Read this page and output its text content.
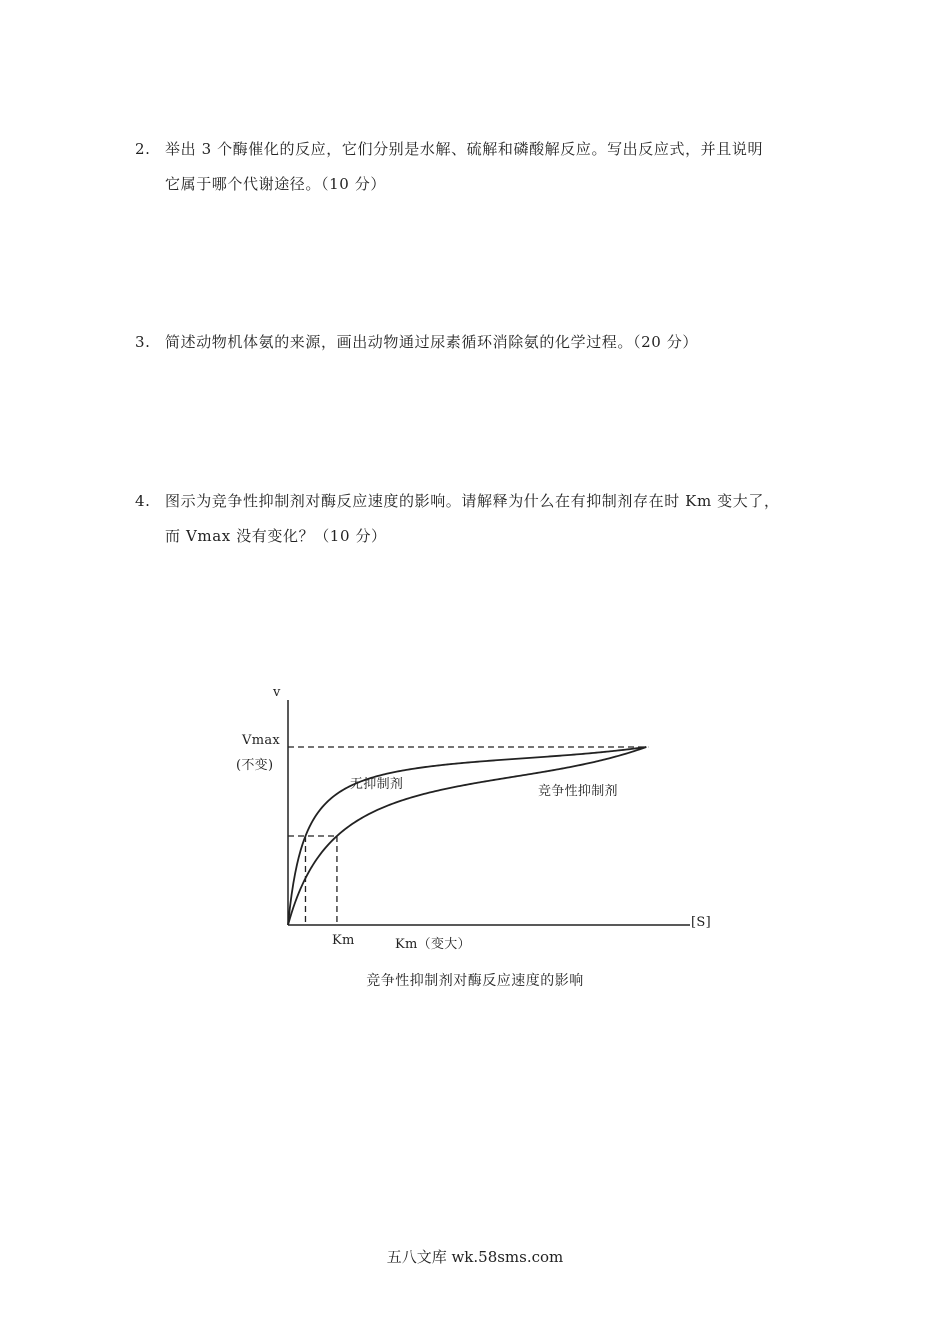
2. 举出 3 个酶催化的反应，它们分别是水解、硫解和磷酸解反应。写出反应式，并且说明
它属于哪个代谢途径。（10 分）
3. 简述动物机体氨的来源，画出动物通过尿素循环消除氨的化学过程。（20 分）
4. 图示为竞争性抑制剂对酶反应速度的影响。请解释为什么在有抑制剂存在时 Km 变大了，
而 Vmax 没有变化？（10 分）
v
Vmax
(不变)
无抑制剂	竞争性抑制剂
[S]
Km	Km（变大）
竞争性抑制剂对酶反应速度的影响
五八文库 wk.58sms.com
